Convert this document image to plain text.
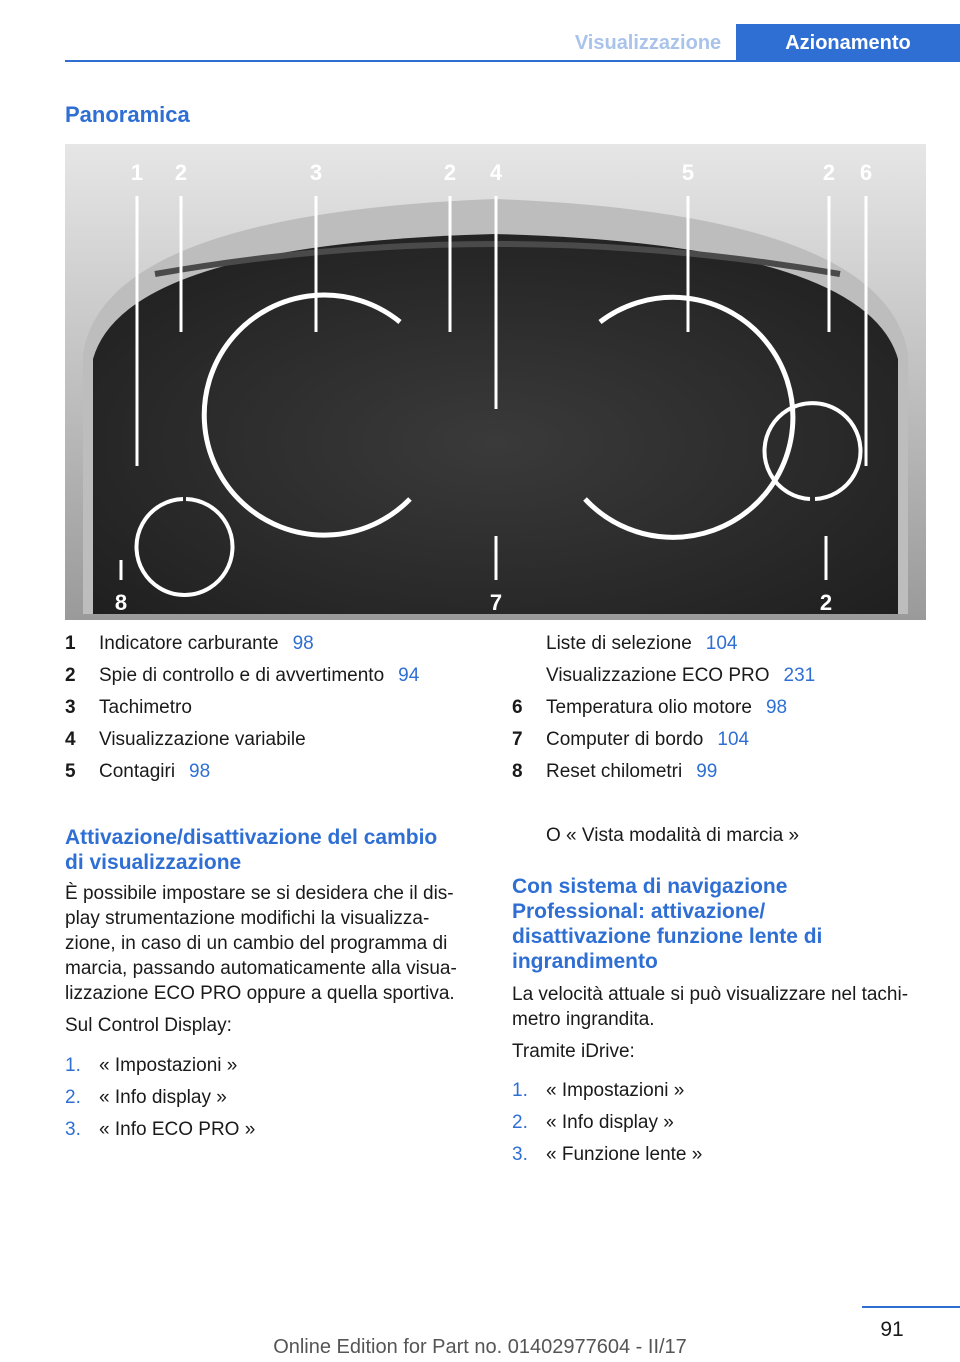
Visualizzazione	Azionamento
Panoramica
1 2	3	2 4	5	2 6
8	7	2
1 Indicatore carburante 98
2 Spie di controllo e di avvertimento 94
3 Tachimetro
4 Visualizzazione variabile
5 Contagiri 98
Liste di selezione 104
Visualizzazione ECO PRO 231
6 Temperatura olio motore 98
7 Computer di bordo 104
8 Reset chilometri 99
Attivazione/disattivazione del cambio
di visualizzazione
È possibile impostare se si desidera che il dis‐
play strumentazione modifichi la visualizza‐
zione, in caso di un cambio del programma di
marcia, passando automaticamente alla visua‐
lizzazione ECO PRO oppure a quella sportiva.
Sul Control Display:
1. « Impostazioni »
2. « Info display »
3. « Info ECO PRO »
O « Vista modalità di marcia »
Con sistema di navigazione
Professional: attivazione/
disattivazione funzione lente di
ingrandimento
La velocità attuale si può visualizzare nel tachi‐
metro ingrandita.
Tramite iDrive:
1. « Impostazioni »
2. « Info display »
3. « Funzione lente »
91
Online Edition for Part no. 01402977604 - II/17
